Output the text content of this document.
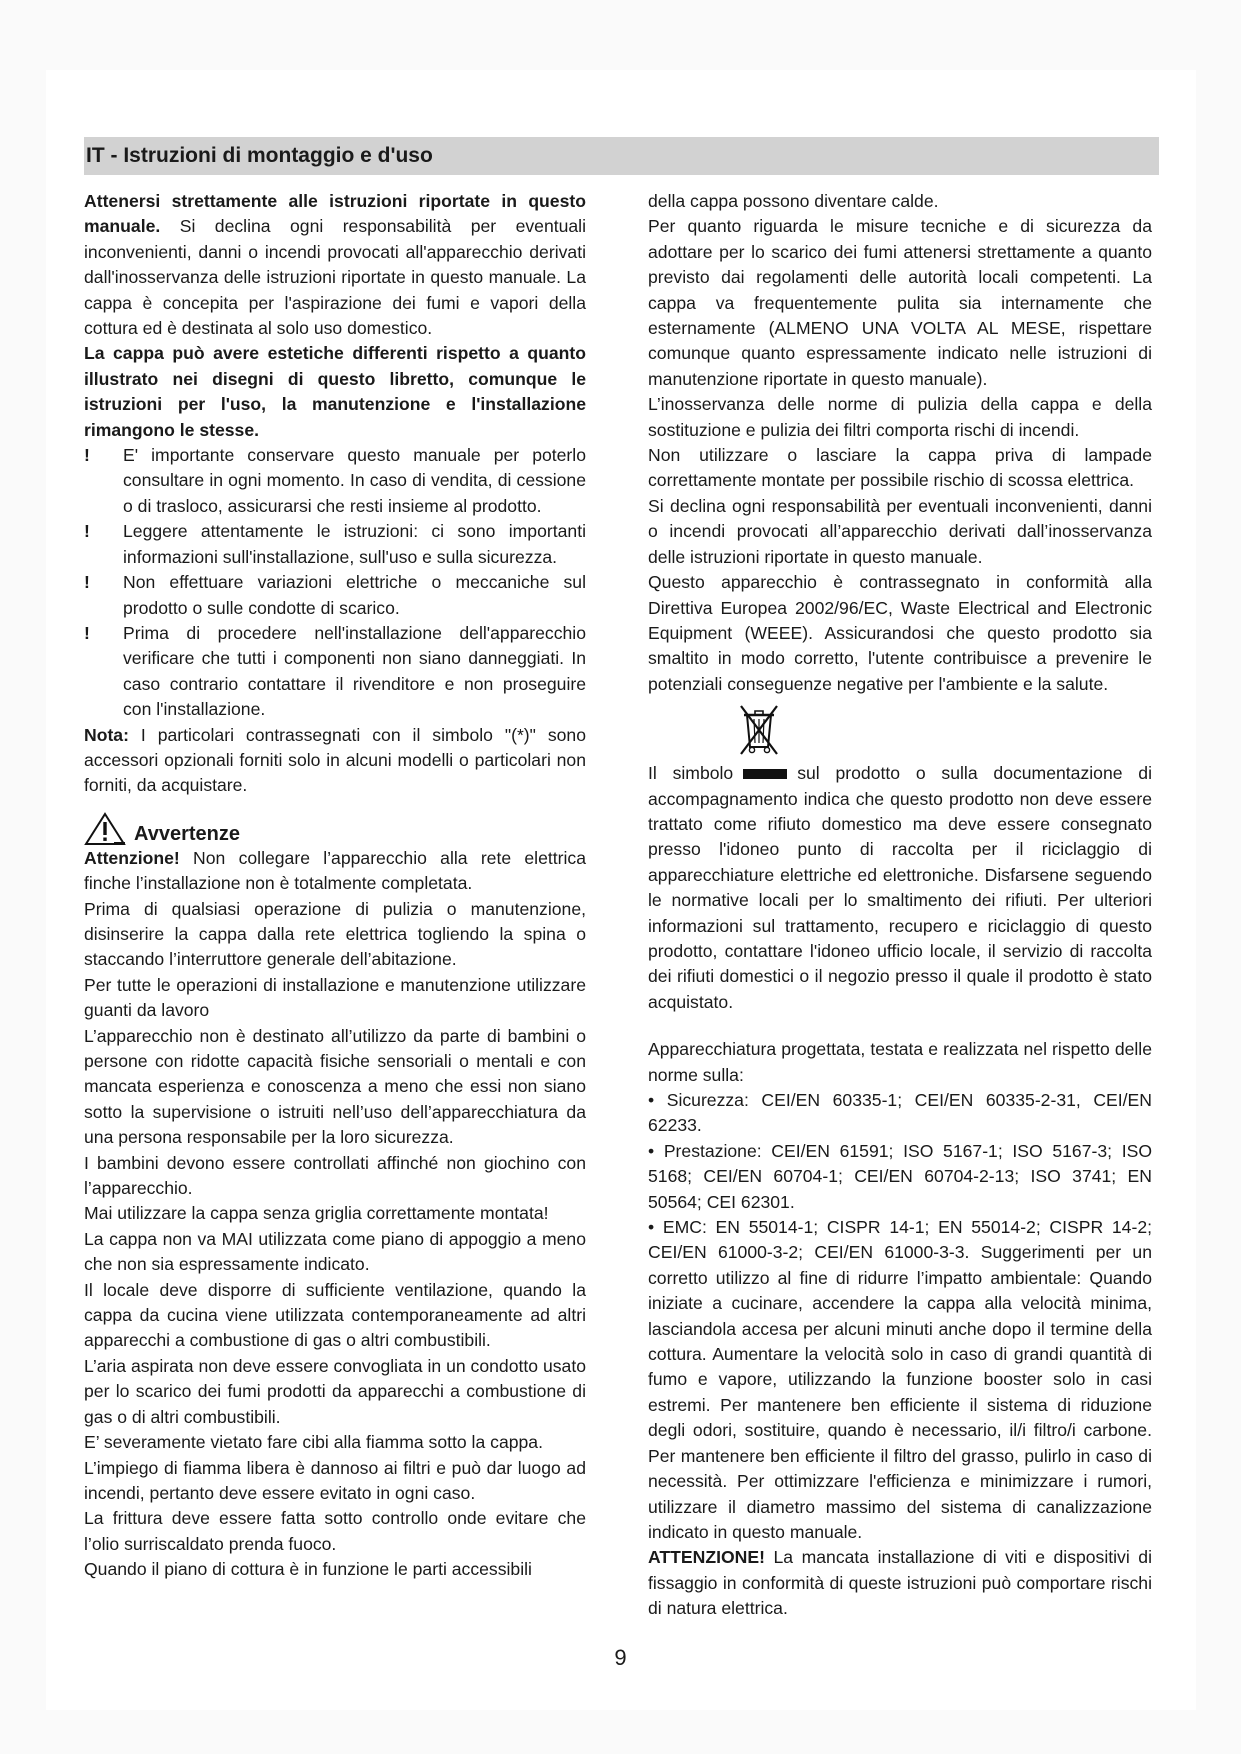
IT - Istruzioni di montaggio e d'uso

Attenersi strettamente alle istruzioni riportate in questo manuale. Si declina ogni responsabilità per eventuali inconvenienti, danni o incendi provocati all'apparecchio derivati dall'inosservanza delle istruzioni riportate in questo manuale. La cappa è concepita per l'aspirazione dei fumi e vapori della cottura ed è destinata al solo uso domestico.

La cappa può avere estetiche differenti rispetto a quanto illustrato nei disegni di questo libretto, comunque le istruzioni per l'uso, la manutenzione e l'installazione rimangono le stesse.

! E' importante conservare questo manuale per poterlo consultare in ogni momento. In caso di vendita, di cessione o di trasloco, assicurarsi che resti insieme al prodotto.

! Leggere attentamente le istruzioni: ci sono importanti informazioni sull'installazione, sull'uso e sulla sicurezza.

! Non effettuare variazioni elettriche o meccaniche sul prodotto o sulle condotte di scarico.

! Prima di procedere nell'installazione dell'apparecchio verificare che tutti i componenti non siano danneggiati. In caso contrario contattare il rivenditore e non proseguire con l'installazione.

Nota: I particolari contrassegnati con il simbolo "(*)" sono accessori opzionali forniti solo in alcuni modelli o particolari non forniti, da acquistare.

Avvertenze

Attenzione! Non collegare l’apparecchio alla rete elettrica finche l’installazione non è totalmente completata.

Prima di qualsiasi operazione di pulizia o manutenzione, disinserire la cappa dalla rete elettrica togliendo la spina o staccando l’interruttore generale dell’abitazione.

Per tutte le operazioni di installazione e manutenzione utilizzare guanti da lavoro

L’apparecchio non è destinato all’utilizzo da parte di bambini o persone con ridotte capacità fisiche sensoriali o mentali e con mancata esperienza e conoscenza a meno che essi non siano sotto la supervisione o istruiti nell’uso dell’apparecchiatura da una persona responsabile per la loro sicurezza.

I bambini devono essere controllati affinché non giochino con l’apparecchio.

Mai utilizzare la cappa senza griglia correttamente montata!

La cappa non va MAI utilizzata come piano di appoggio a meno che non sia espressamente indicato.

Il locale deve disporre di sufficiente ventilazione, quando la cappa da cucina viene utilizzata contemporaneamente ad altri apparecchi a combustione di gas o altri combustibili.

L’aria aspirata non deve essere convogliata in un condotto usato per lo scarico dei fumi prodotti da apparecchi a combustione di gas o di altri combustibili.

E’ severamente vietato fare cibi alla fiamma sotto la cappa.

L’impiego di fiamma libera è dannoso ai filtri e può dar luogo ad incendi, pertanto deve essere evitato in ogni caso.

La frittura deve essere fatta sotto controllo onde evitare che l’olio surriscaldato prenda fuoco.

Quando il piano di cottura è in funzione le parti accessibili

della cappa possono diventare calde.

Per quanto riguarda le misure tecniche e di sicurezza da adottare per lo scarico dei fumi attenersi strettamente a quanto previsto dai regolamenti delle autorità locali competenti. La cappa va frequentemente pulita sia internamente che esternamente (ALMENO UNA VOLTA AL MESE, rispettare comunque quanto espressamente indicato nelle istruzioni di manutenzione riportate in questo manuale).

L’inosservanza delle norme di pulizia della cappa e della sostituzione e pulizia dei filtri comporta rischi di incendi.

Non utilizzare o lasciare la cappa priva di lampade correttamente montate per possibile rischio di scossa elettrica.

Si declina ogni responsabilità per eventuali inconvenienti, danni o incendi provocati all’apparecchio derivati dall’inosservanza delle istruzioni riportate in questo manuale.

Questo apparecchio è contrassegnato in conformità alla Direttiva Europea 2002/96/EC, Waste Electrical and Electronic Equipment (WEEE). Assicurandosi che questo prodotto sia smaltito in modo corretto, l'utente contribuisce a prevenire le potenziali conseguenze negative per l'ambiente e la salute.

Il simbolo	sul prodotto o sulla documentazione di accompagnamento indica che questo prodotto non deve essere trattato come rifiuto domestico ma deve essere consegnato presso l'idoneo punto di raccolta per il riciclaggio di apparecchiature elettriche ed elettroniche. Disfarsene seguendo le normative locali per lo smaltimento dei rifiuti. Per ulteriori informazioni sul trattamento, recupero e riciclaggio di questo prodotto, contattare l'idoneo ufficio locale, il servizio di raccolta dei rifiuti domestici o il negozio presso il quale il prodotto è stato acquistato.

Apparecchiatura progettata, testata e realizzata nel rispetto delle norme sulla:

• Sicurezza: CEI/EN 60335-1; CEI/EN 60335-2-31, CEI/EN 62233.

• Prestazione: CEI/EN 61591; ISO 5167-1; ISO 5167-3; ISO 5168; CEI/EN 60704-1; CEI/EN 60704-2-13; ISO 3741; EN 50564; CEI 62301.

• EMC: EN 55014-1; CISPR 14-1; EN 55014-2; CISPR 14-2; CEI/EN 61000-3-2; CEI/EN 61000-3-3. Suggerimenti per un corretto utilizzo al fine di ridurre l’impatto ambientale: Quando iniziate a cucinare, accendere la cappa alla velocità minima, lasciandola accesa per alcuni minuti anche dopo il termine della cottura. Aumentare la velocità solo in caso di grandi quantità di fumo e vapore, utilizzando la funzione booster solo in casi estremi. Per mantenere ben efficiente il sistema di riduzione degli odori, sostituire, quando è necessario, il/i filtro/i carbone. Per mantenere ben efficiente il filtro del grasso, pulirlo in caso di necessità. Per ottimizzare l'efficienza e minimizzare i rumori, utilizzare il diametro massimo del sistema di canalizzazione indicato in questo manuale.

ATTENZIONE! La mancata installazione di viti e dispositivi di fissaggio in conformità di queste istruzioni può comportare rischi di natura elettrica.

9
